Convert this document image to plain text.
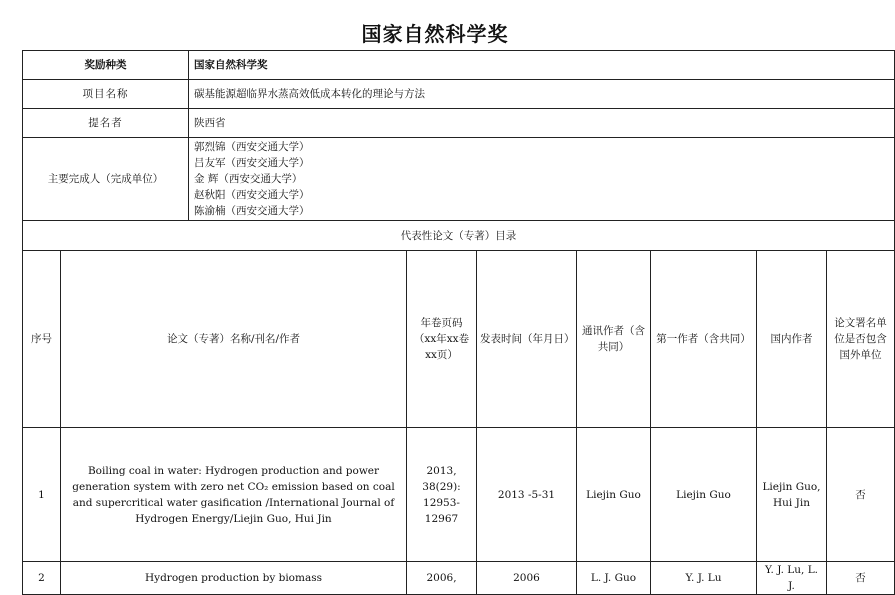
国家自然科学奖
奖励种类		国家自然科学奖							
项目名称		碳基能源超临界水蒸高效低成本转化的理论与方法							
提名者		陕西省							
主要完成人（完成单位）		郭烈锦（西安交通大学）
吕友军（西安交通大学）
金 辉（西安交通大学）
赵秋阳（西安交通大学）
陈渝楠（西安交通大学）							

代表性论文（专著）目录									
序号	论文（专著）名称/刊名/作者		年卷页码（xx年xx卷xx页）	发表时间（年月日）	通讯作者（含共同）	第一作者（含共同）	国内作者	论文署名单位是否包含国外单位	
1	Boiling coal in water: Hydrogen production and power generation system with zero net CO₂ emission based on coal and supercritical water gasification /International Journal of Hydrogen Energy/Liejin Guo, Hui Jin		2013, 38(29): 12953-12967	2013 -5-31	Liejin Guo	Liejin Guo	Liejin Guo, Hui Jin	否	
2	Hydrogen production by biomass		2006,	2006	L. J. Guo	Y. J. Lu	Y. J. Lu, L. J.	否	
